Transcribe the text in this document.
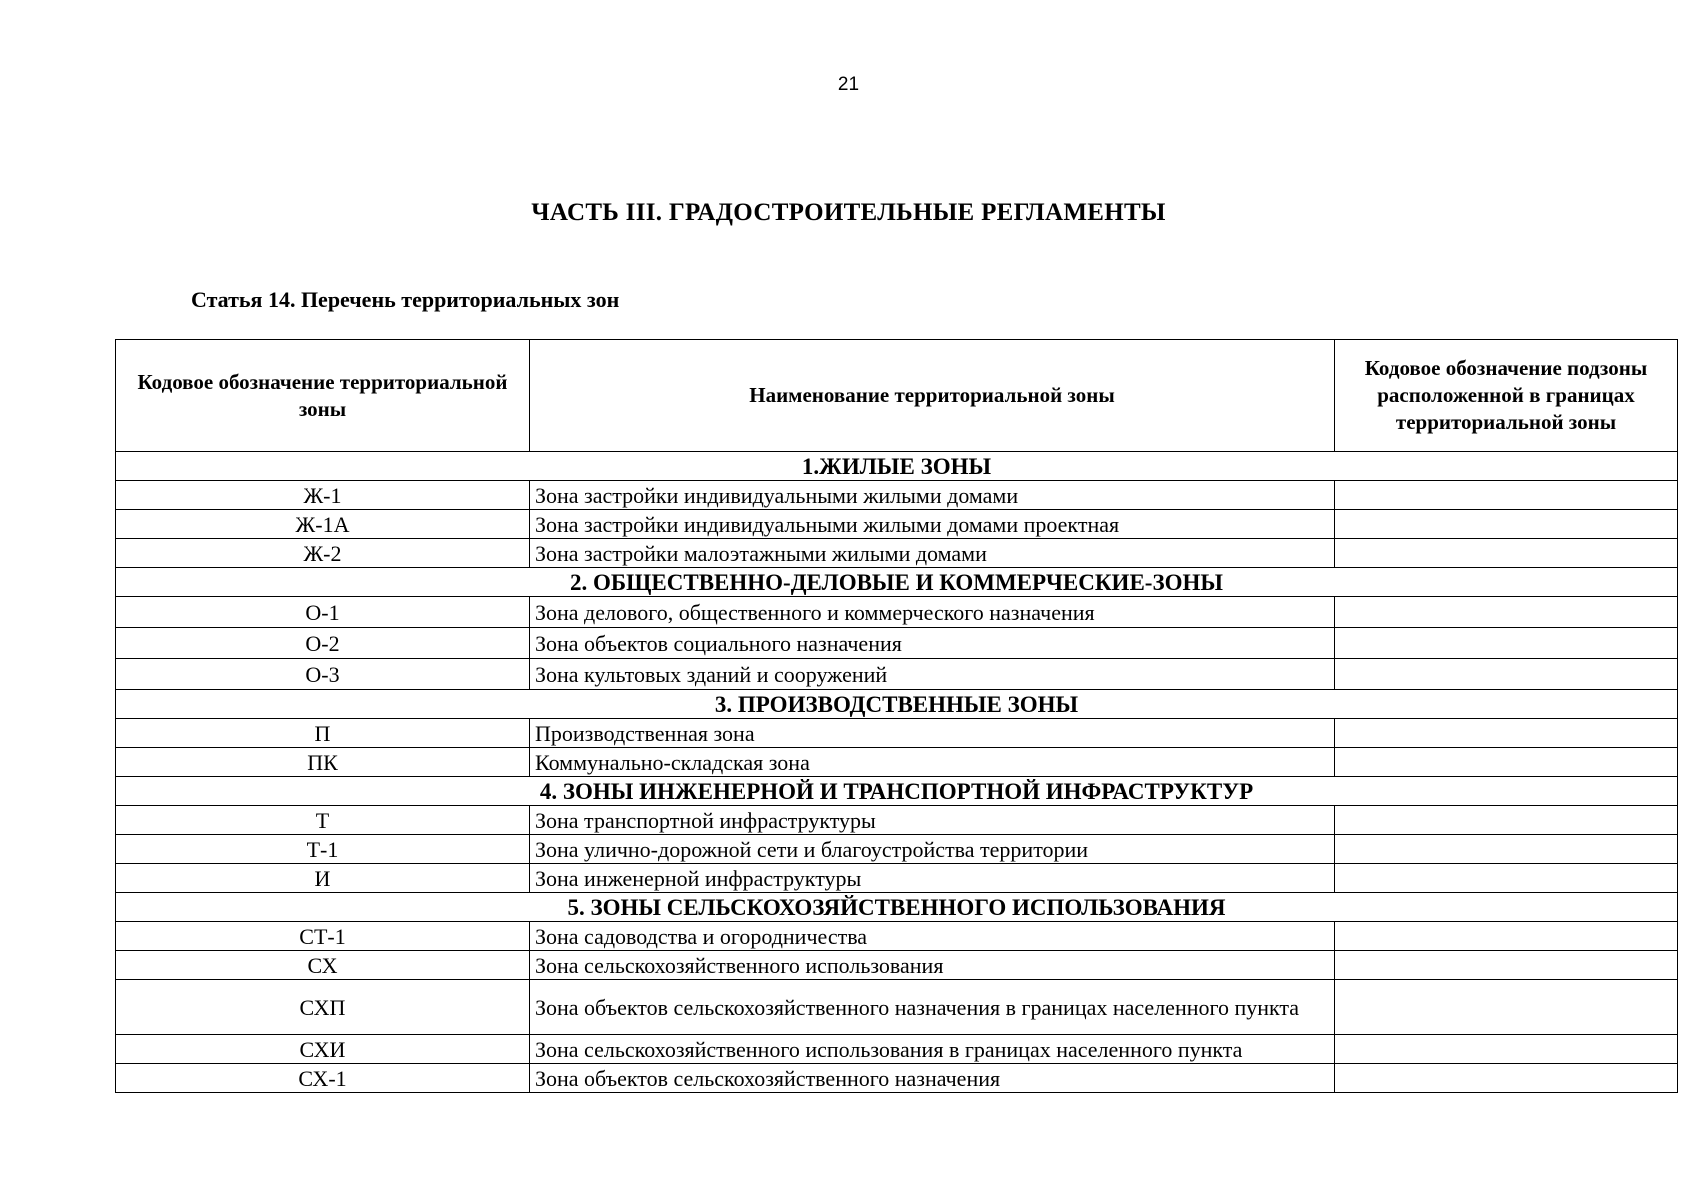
21
ЧАСТЬ III. ГРАДОСТРОИТЕЛЬНЫЕ РЕГЛАМЕНТЫ
Статья 14. Перечень территориальных зон
Кодовое обозначение территориальной зоны	Наименование территориальной зоны	Кодовое обозначение подзоны расположенной в границах территориальной зоны
1.ЖИЛЫЕ ЗОНЫ		
Ж-1	Зона застройки индивидуальными жилыми домами	
Ж-1А	Зона застройки индивидуальными жилыми домами проектная	
Ж-2	Зона застройки малоэтажными жилыми домами	
2. ОБЩЕСТВЕННО-ДЕЛОВЫЕ И КОММЕРЧЕСКИЕ-ЗОНЫ		
О-1	Зона делового, общественного и коммерческого назначения	
О-2	Зона объектов социального назначения	
О-3	Зона культовых зданий и сооружений	
3. ПРОИЗВОДСТВЕННЫЕ ЗОНЫ		
П	Производственная зона	
ПК	Коммунально-складская зона	
4. ЗОНЫ ИНЖЕНЕРНОЙ И ТРАНСПОРТНОЙ ИНФРАСТРУКТУР		
Т	Зона транспортной инфраструктуры	
Т-1	Зона улично-дорожной сети и благоустройства территории	
И	Зона инженерной инфраструктуры	
5. ЗОНЫ СЕЛЬСКОХОЗЯЙСТВЕННОГО ИСПОЛЬЗОВАНИЯ		
СТ-1	Зона садоводства и огородничества	
СХ	Зона сельскохозяйственного использования	
СХП	Зона объектов сельскохозяйственного назначения в границах населенного пункта	
СХИ	Зона сельскохозяйственного использования в границах населенного пункта	
СХ-1	Зона объектов сельскохозяйственного назначения	
